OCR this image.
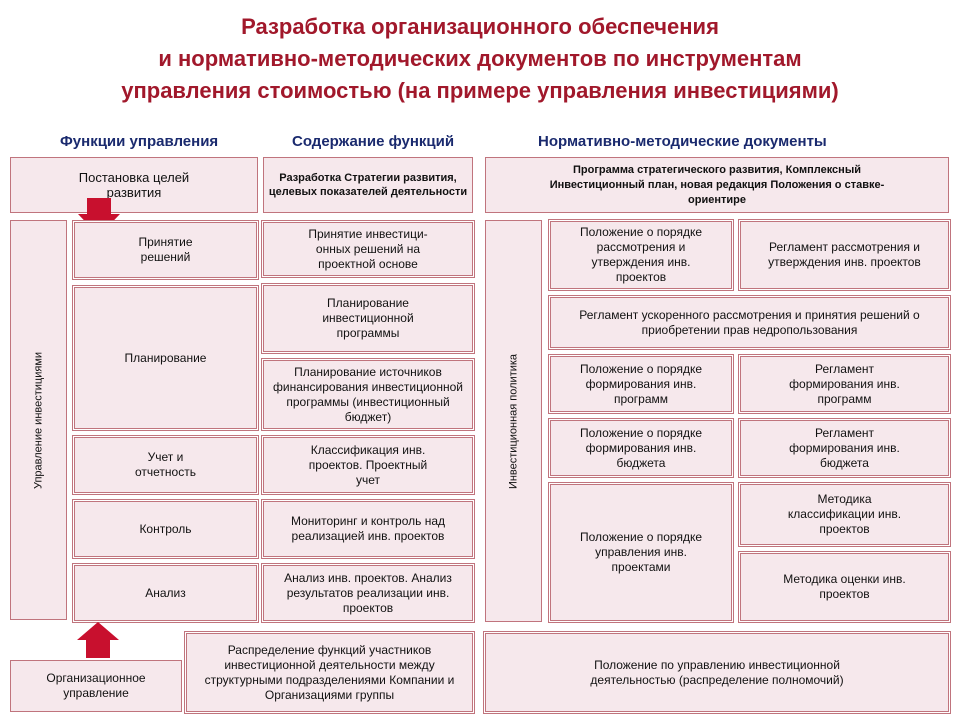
Разработка организационного обеспечения
и нормативно-методических документов по инструментам
управления стоимостью (на примере управления инвестициями)
Функции управления	Содержание функций	Нормативно-методические документы
Постановка целей развития
Управление инвестициями
Принятие решений
Планирование
Учет и отчетность
Контроль
Анализ
Организационное управление
Разработка Стратегии развития, целевых показателей деятельности
Принятие инвестици-онных решений на проектной основе
Планирование инвестиционной программы
Планирование источников финансирования инвестиционной программы (инвестиционный бюджет)
Классификация инв. проектов. Проектный учет
Мониторинг и контроль над реализацией инв. проектов
Анализ инв. проектов. Анализ результатов реализации инв. проектов
Распределение функций участников инвестиционной деятельности между структурными подразделениями Компании и Организациями группы
Программа стратегического развития, Комплексный Инвестиционный план, новая редакция Положения о ставке-ориентире
Инвестиционная политика
Положение о порядке рассмотрения и утверждения инв. проектов
Регламент рассмотрения и утверждения инв. проектов
Регламент ускоренного рассмотрения и принятия решений о приобретении прав недропользования
Положение о порядке формирования инв. программ
Регламент формирования инв. программ
Положение о порядке формирования инв. бюджета
Регламент формирования инв. бюджета
Положение о порядке управления инв. проектами
Методика классификации инв. проектов
Методика оценки инв. проектов
Положение по управлению инвестиционной деятельностью (распределение полномочий)
